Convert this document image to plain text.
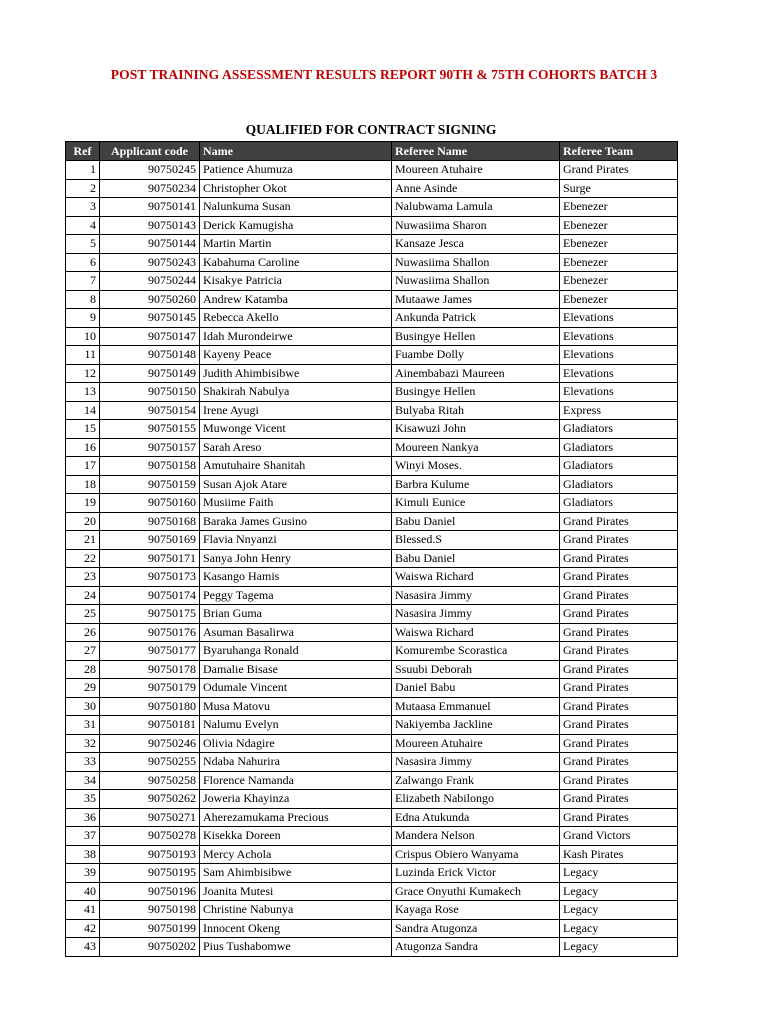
POST TRAINING ASSESSMENT RESULTS REPORT 90TH & 75TH COHORTS BATCH 3
QUALIFIED FOR CONTRACT SIGNING
Ref	Applicant code	Name	Referee Name	Referee Team
1	90750245	Patience Ahumuza	Moureen Atuhaire	Grand Pirates
2	90750234	Christopher Okot	Anne Asinde	Surge
3	90750141	Nalunkuma Susan	Nalubwama Lamula	Ebenezer
4	90750143	Derick Kamugisha	Nuwasiima Sharon	Ebenezer
5	90750144	Martin Martin	Kansaze Jesca	Ebenezer
6	90750243	Kabahuma Caroline	Nuwasiima Shallon	Ebenezer
7	90750244	Kisakye Patricia	Nuwasiima Shallon	Ebenezer
8	90750260	Andrew Katamba	Mutaawe James	Ebenezer
9	90750145	Rebecca Akello	Ankunda Patrick	Elevations
10	90750147	Idah Murondeirwe	Busingye Hellen	Elevations
11	90750148	Kayeny Peace	Fuambe Dolly	Elevations
12	90750149	Judith Ahimbisibwe	Ainembabazi Maureen	Elevations
13	90750150	Shakirah Nabulya	Busingye Hellen	Elevations
14	90750154	Irene Ayugi	Bulyaba Ritah	Express
15	90750155	Muwonge Vicent	Kisawuzi John	Gladiators
16	90750157	Sarah Areso	Moureen Nankya	Gladiators
17	90750158	Amutuhaire Shanitah	Winyi Moses.	Gladiators
18	90750159	Susan Ajok Atare	Barbra Kulume	Gladiators
19	90750160	Musiime Faith	Kimuli Eunice	Gladiators
20	90750168	Baraka James Gusino	Babu Daniel	Grand Pirates
21	90750169	Flavia Nnyanzi	Blessed.S	Grand Pirates
22	90750171	Sanya John Henry	Babu Daniel	Grand Pirates
23	90750173	Kasango Hamis	Waiswa Richard	Grand Pirates
24	90750174	Peggy Tagema	Nasasira Jimmy	Grand Pirates
25	90750175	Brian Guma	Nasasira Jimmy	Grand Pirates
26	90750176	Asuman Basalirwa	Waiswa Richard	Grand Pirates
27	90750177	Byaruhanga Ronald	Komurembe Scorastica	Grand Pirates
28	90750178	Damalie Bisase	Ssuubi Deborah	Grand Pirates
29	90750179	Odumale Vincent	Daniel Babu	Grand Pirates
30	90750180	Musa Matovu	Mutaasa Emmanuel	Grand Pirates
31	90750181	Nalumu Evelyn	Nakiyemba Jackline	Grand Pirates
32	90750246	Olivia Ndagire	Moureen Atuhaire	Grand Pirates
33	90750255	Ndaba Nahurira	Nasasira Jimmy	Grand Pirates
34	90750258	Florence Namanda	Zalwango Frank	Grand Pirates
35	90750262	Joweria Khayinza	Elizabeth Nabilongo	Grand Pirates
36	90750271	Aherezamukama Precious	Edna Atukunda	Grand Pirates
37	90750278	Kisekka Doreen	Mandera Nelson	Grand Victors
38	90750193	Mercy Achola	Crispus Obiero Wanyama	Kash Pirates
39	90750195	Sam Ahimbisibwe	Luzinda Erick Victor	Legacy
40	90750196	Joanita Mutesi	Grace Onyuthi Kumakech	Legacy
41	90750198	Christine Nabunya	Kayaga Rose	Legacy
42	90750199	Innocent Okeng	Sandra Atugonza	Legacy
43	90750202	Pius Tushabomwe	Atugonza Sandra	Legacy
